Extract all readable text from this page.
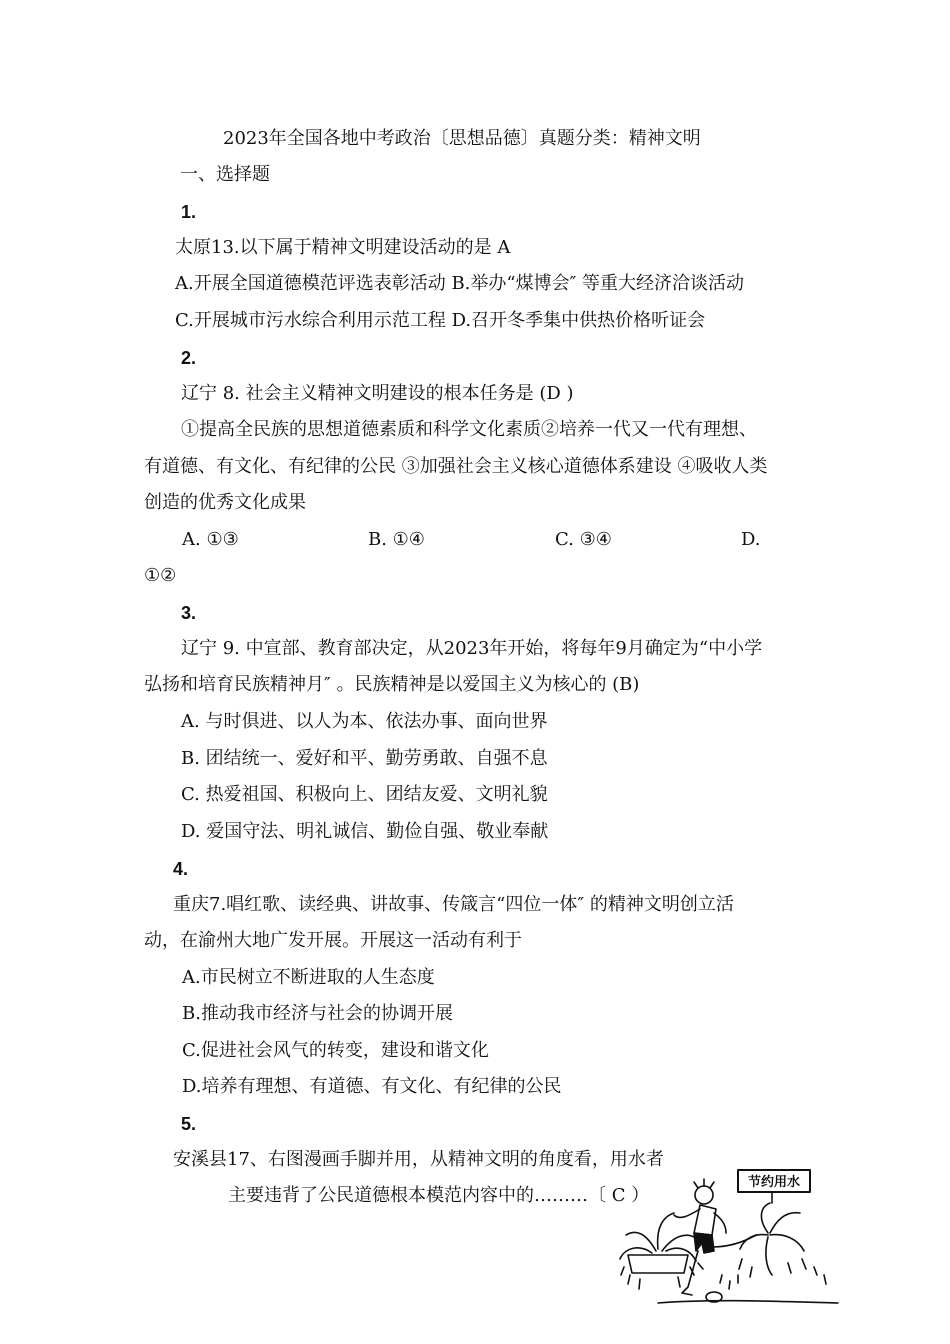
2023年全国各地中考政治〔思想品德〕真题分类：精神文明
一、选择题
1.
太原13.以下属于精神文明建设活动的是 A
A.开展全国道德模范评选表彰活动 B.举办“煤博会″ 等重大经济洽谈活动
C.开展城市污水综合利用示范工程 D.召开冬季集中供热价格听证会
2.
辽宁 8. 社会主义精神文明建设的根本任务是 (D )
①提高全民族的思想道德素质和科学文化素质②培养一代又一代有理想、
有道德、有文化、有纪律的公民 ③加强社会主义核心道德体系建设 ④吸收人类
创造的优秀文化成果
A. ①③	B. ①④	C. ③④	D.
①②
3.
辽宁 9. 中宣部、教育部决定，从2023年开始，将每年9月确定为“中小学
弘扬和培育民族精神月″ 。民族精神是以爱国主义为核心的 (B)
A. 与时俱进、以人为本、依法办事、面向世界
B. 团结统一、爱好和平、勤劳勇敢、自强不息
C. 热爱祖国、积极向上、团结友爱、文明礼貌
D. 爱国守法、明礼诚信、勤俭自强、敬业奉献
4.
重庆7.唱红歌、读经典、讲故事、传箴言“四位一体″ 的精神文明创立活
动，在渝州大地广发开展。开展这一活动有利于
A.市民树立不断进取的人生态度
B.推动我市经济与社会的协调开展
C.促进社会风气的转变，建设和谐文化
D.培养有理想、有道德、有文化、有纪律的公民
5.
安溪县17、右图漫画手脚并用，从精神文明的角度看，用水者
主要违背了公民道德根本模范内容中的………〔 C ）
节约用水
